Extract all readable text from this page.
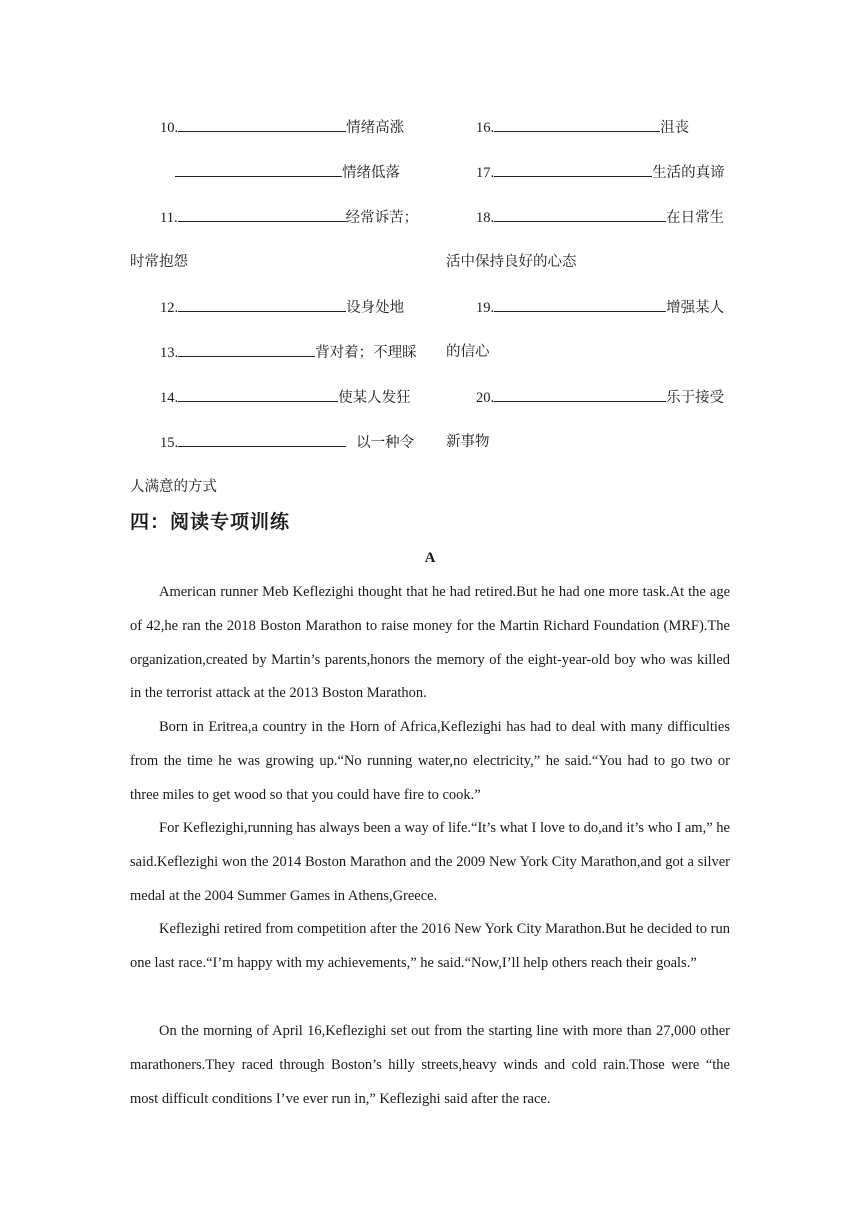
10.	情绪高涨
情绪低落
11.	经常诉苦；
时常抱怨
12.	设身处地
13.	背对着；不理睬
14.	使某人发狂
15.	以一种令
人满意的方式
16.	沮丧
17.	生活的真谛
18.	在日常生
活中保持良好的心态
19.	增强某人
的信心
20.	乐于接受
新事物
四：阅读专项训练
A

American runner Meb Keflezighi thought that he had retired.But he had one more task.At the age of 42,he ran the 2018 Boston Marathon to raise money for the Martin Richard Foundation (MRF).The organization,created by Martin’s parents,honors the memory of the eight-year-old boy who was killed in the terrorist attack at the 2013 Boston Marathon.

Born in Eritrea,a country in the Horn of Africa,Keflezighi has had to deal with many difficulties from the time he was growing up.“No running water,no electricity,” he said.“You had to go two or three miles to get wood so that you could have fire to cook.”

For Keflezighi,running has always been a way of life.“It’s what I love to do,and it’s who I am,” he said.Keflezighi won the 2014 Boston Marathon and the 2009 New York City Marathon,and got a silver medal at the 2004 Summer Games in Athens,Greece.

Keflezighi retired from competition after the 2016 New York City Marathon.But he decided to run one last race.“I’m happy with my achievements,” he said.“Now,I’ll help others reach their goals.”

On the morning of April 16,Keflezighi set out from the starting line with more than 27,000 other marathoners.They raced through Boston’s hilly streets,heavy winds and cold rain.Those were “the most difficult conditions I’ve ever run in,” Keflezighi said after the race.
